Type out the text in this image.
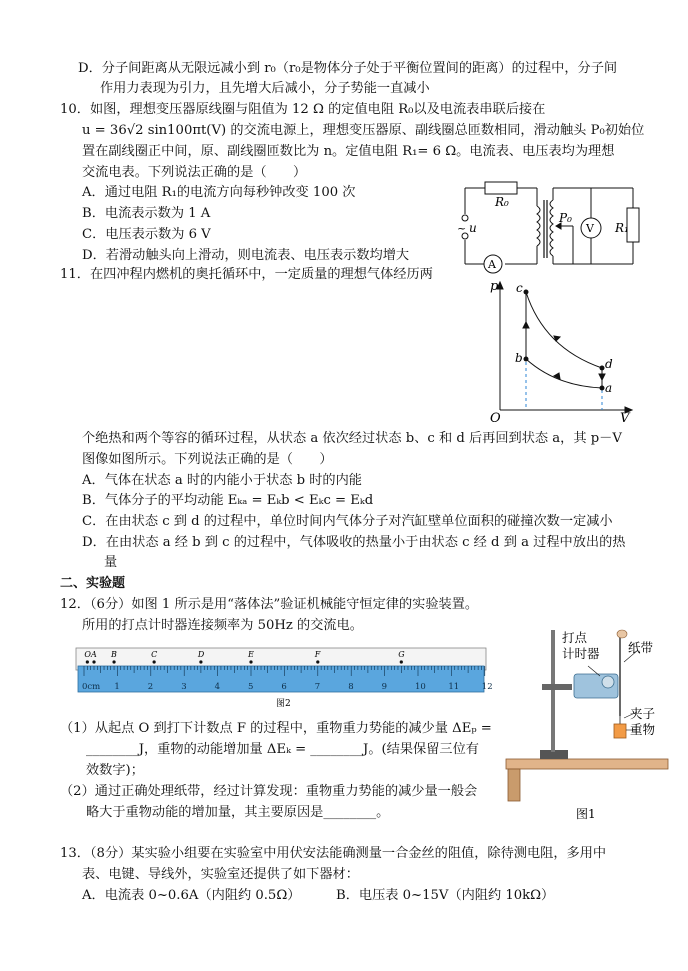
D．分子间距离从无限远减小到 r₀（r₀是物体分子处于平衡位置间的距离）的过程中，分子间
作用力表现为引力，且先增大后减小，分子势能一直减小
10．如图，理想变压器原线圈与阻值为 12 Ω 的定值电阻 R₀以及电流表串联后接在
u = 36√2 sin100πt(V) 的交流电源上，理想变压器原、副线圈总匝数相同，滑动触头 P₀初始位
置在副线圈正中间，原、副线圈匝数比为 n。定值电阻 R₁= 6 Ω。电流表、电压表均为理想
交流电表。下列说法正确的是（　　）
A．通过电阻 R₁的电流方向每秒钟改变 100 次
B．电流表示数为 1 A
C．电压表示数为 6 V
D．若滑动触头向上滑动，则电流表、电压表示数均增大
R₀
~ u
A
P₀
V R₁
11．在四冲程内燃机的奥托循环中，一定质量的理想气体经历两
p
V
O
c
b	d
a
个绝热和两个等容的循环过程，从状态 a 依次经过状态 b、c 和 d 后再回到状态 a，其 p－V
图像如图所示。下列说法正确的是（　　）
A．气体在状态 a 时的内能小于状态 b 时的内能
B．气体分子的平均动能 Eₖₐ = Eₖb < Eₖc = Eₖd
C．在由状态 c 到 d 的过程中，单位时间内气体分子对汽缸壁单位面积的碰撞次数一定减小
D．在由状态 a 经 b 到 c 的过程中，气体吸收的热量小于由状态 c 经 d 到 a 过程中放出的热
量
二、实验题
12．（6分）如图 1 所示是用“落体法”验证机械能守恒定律的实验装置。
所用的打点计时器连接频率为 50Hz 的交流电。
0cm 1	2	3	4	5	6	7	8	9	10	11	12
O A B	C	D	E	F	G
图2
打点计时器 纸带
夹子
重物
图1
（1）从起点 O 到打下计数点 F 的过程中，重物重力势能的减少量 ΔEₚ =
________J，重物的动能增加量 ΔEₖ = ________J。(结果保留三位有
效数字)；
（2）通过正确处理纸带，经过计算发现：重物重力势能的减少量一般会
略大于重物动能的增加量，其主要原因是________。
13．（8分）某实验小组要在实验室中用伏安法能确测量一合金丝的阻值，除待测电阻，多用中
表、电键、导线外，实验室还提供了如下器材：
A．电流表 0~0.6A（内阻约 0.5Ω）	B．电压表 0~15V（内阻约 10kΩ）
